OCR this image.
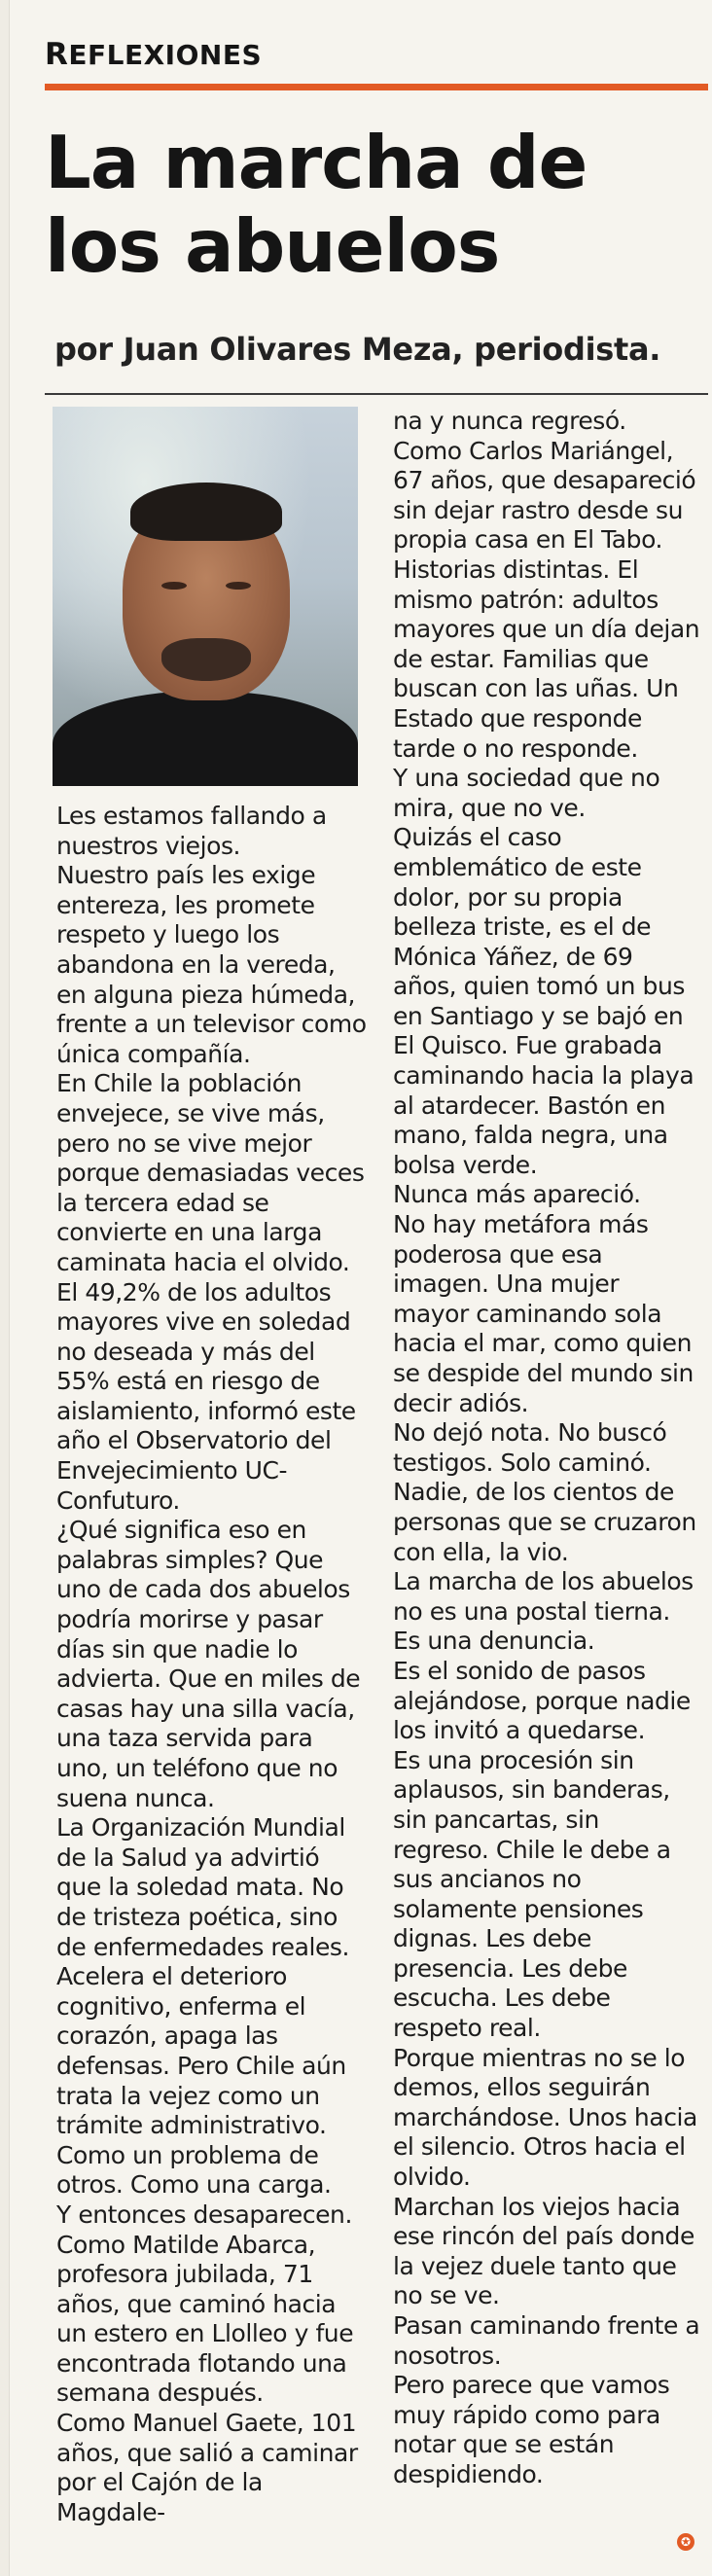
REFLEXIONES
La marcha de los abuelos
por Juan Olivares Meza, periodista.

Les estamos fallando a nuestros viejos.

Nuestro país les exige entereza, les promete respeto y luego los abandona en la vereda, en alguna pieza húmeda, frente a un televisor como única compañía.

En Chile la población envejece, se vive más, pero no se vive mejor porque demasiadas veces la tercera edad se convierte en una larga caminata hacia el olvido. El 49,2% de los adultos mayores vive en soledad no deseada y más del 55% está en riesgo de aislamiento, informó este año el Observatorio del Envejecimiento UC-Confuturo.

¿Qué significa eso en palabras simples? Que uno de cada dos abuelos podría morirse y pasar días sin que nadie lo advierta. Que en miles de casas hay una silla vacía, una taza servida para uno, un teléfono que no suena nunca.

La Organización Mundial de la Salud ya advirtió que la soledad mata. No de tristeza poética, sino de enfermedades reales. Acelera el deterioro cognitivo, enferma el corazón, apaga las defensas. Pero Chile aún trata la vejez como un trámite administrativo. Como un problema de otros. Como una carga.

Y entonces desaparecen.

Como Matilde Abarca, profesora jubilada, 71 años, que caminó hacia un estero en Llolleo y fue encontrada flotando una semana después.

Como Manuel Gaete, 101 años, que salió a caminar por el Cajón de la Magdale-

na y nunca regresó.

Como Carlos Mariángel, 67 años, que desapareció sin dejar rastro desde su propia casa en El Tabo.

Historias distintas. El mismo patrón: adultos mayores que un día dejan de estar. Familias que buscan con las uñas. Un Estado que responde tarde o no responde.

Y una sociedad que no mira, que no ve.

Quizás el caso emblemático de este dolor, por su propia belleza triste, es el de Mónica Yáñez, de 69 años, quien tomó un bus en Santiago y se bajó en El Quisco. Fue grabada caminando hacia la playa al atardecer. Bastón en mano, falda negra, una bolsa verde.

Nunca más apareció.

No hay metáfora más poderosa que esa imagen. Una mujer mayor caminando sola hacia el mar, como quien se despide del mundo sin decir adiós.

No dejó nota. No buscó testigos. Solo caminó. Nadie, de los cientos de personas que se cruzaron con ella, la vio.

La marcha de los abuelos no es una postal tierna. Es una denuncia.

Es el sonido de pasos alejándose, porque nadie los invitó a quedarse.

Es una procesión sin aplausos, sin banderas, sin pancartas, sin regreso. Chile le debe a sus ancianos no solamente pensiones dignas. Les debe presencia. Les debe escucha. Les debe respeto real.

Porque mientras no se lo demos, ellos seguirán marchándose. Unos hacia el silencio. Otros hacia el olvido.

Marchan los viejos hacia ese rincón del país donde la vejez duele tanto que no se ve.

Pasan caminando frente a nosotros.

Pero parece que vamos muy rápido como para notar que se están despidiendo.

✪
